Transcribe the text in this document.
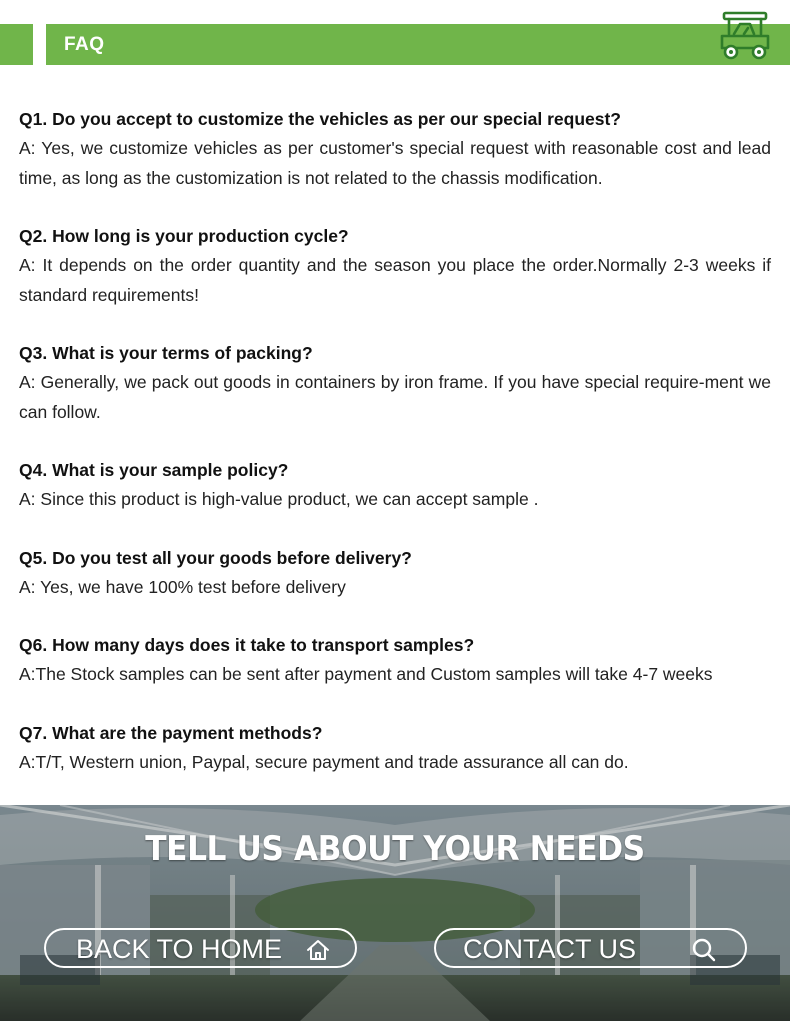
FAQ

Q1. Do you accept to customize the vehicles as per our special request?

A: Yes, we customize vehicles as per customer's special request with reasonable cost and lead time, as long as the customization is not related to the chassis modification.

Q2. How long is your production cycle?

A: It depends on the order quantity and the season you place the order.Normally 2-3 weeks if standard requirements!

Q3. What is your terms of packing?

A: Generally, we pack out goods in containers by iron frame. If you have special require-ment we can follow.

Q4. What is your sample policy?

A: Since this product is high-value product, we can accept sample .

Q5. Do you test all your goods before delivery?

A: Yes, we have 100% test before delivery

Q6. How many days does it take to transport samples?

A:The Stock samples can be sent after payment and Custom samples will take 4-7 weeks

Q7. What are the payment methods?

A:T/T, Western union, Paypal, secure payment and trade assurance all can do.

TELL US ABOUT YOUR NEEDS
BACK TO HOME	CONTACT US
